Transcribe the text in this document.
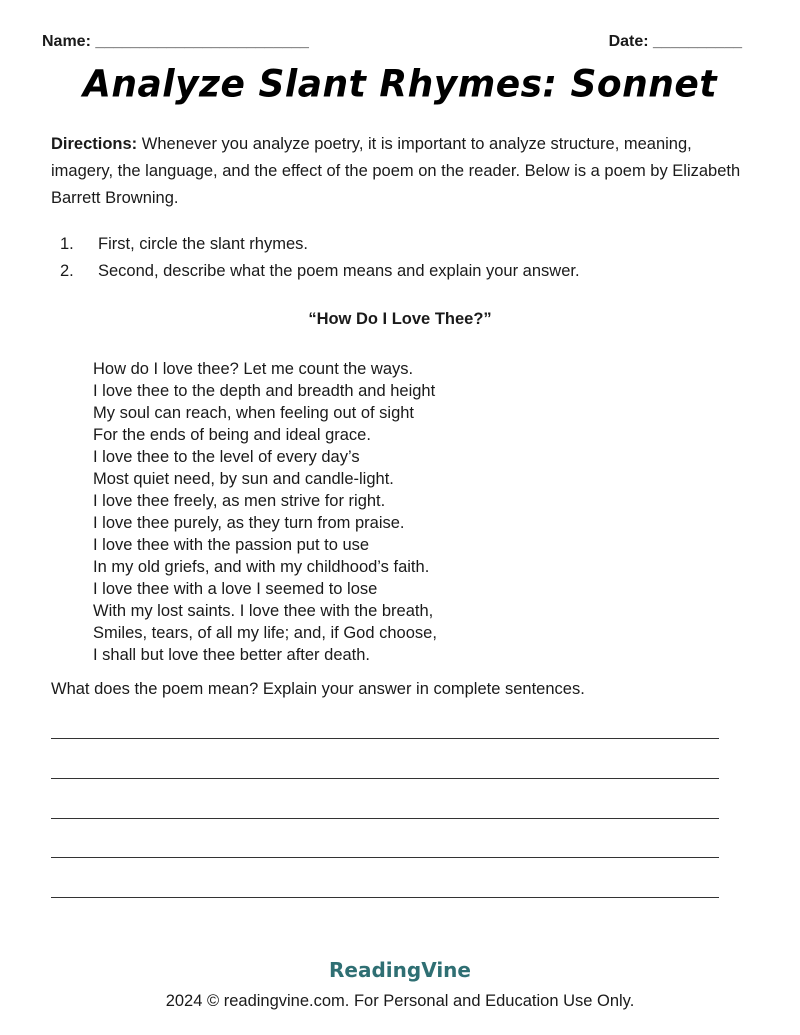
Name: ________________________	Date: __________
Analyze Slant Rhymes: Sonnet
Directions: Whenever you analyze poetry, it is important to analyze structure, meaning, imagery, the language, and the effect of the poem on the reader. Below is a poem by Elizabeth Barrett Browning.
1. First, circle the slant rhymes.
2. Second, describe what the poem means and explain your answer.
“How Do I Love Thee?”
How do I love thee? Let me count the ways.
I love thee to the depth and breadth and height
My soul can reach, when feeling out of sight
For the ends of being and ideal grace.
I love thee to the level of every day’s
Most quiet need, by sun and candle-light.
I love thee freely, as men strive for right.
I love thee purely, as they turn from praise.
I love thee with the passion put to use
In my old griefs, and with my childhood’s faith.
I love thee with a love I seemed to lose
With my lost saints. I love thee with the breath,
Smiles, tears, of all my life; and, if God choose,
I shall but love thee better after death.
What does the poem mean? Explain your answer in complete sentences.
ReadingVine
2024 © readingvine.com. For Personal and Education Use Only.
